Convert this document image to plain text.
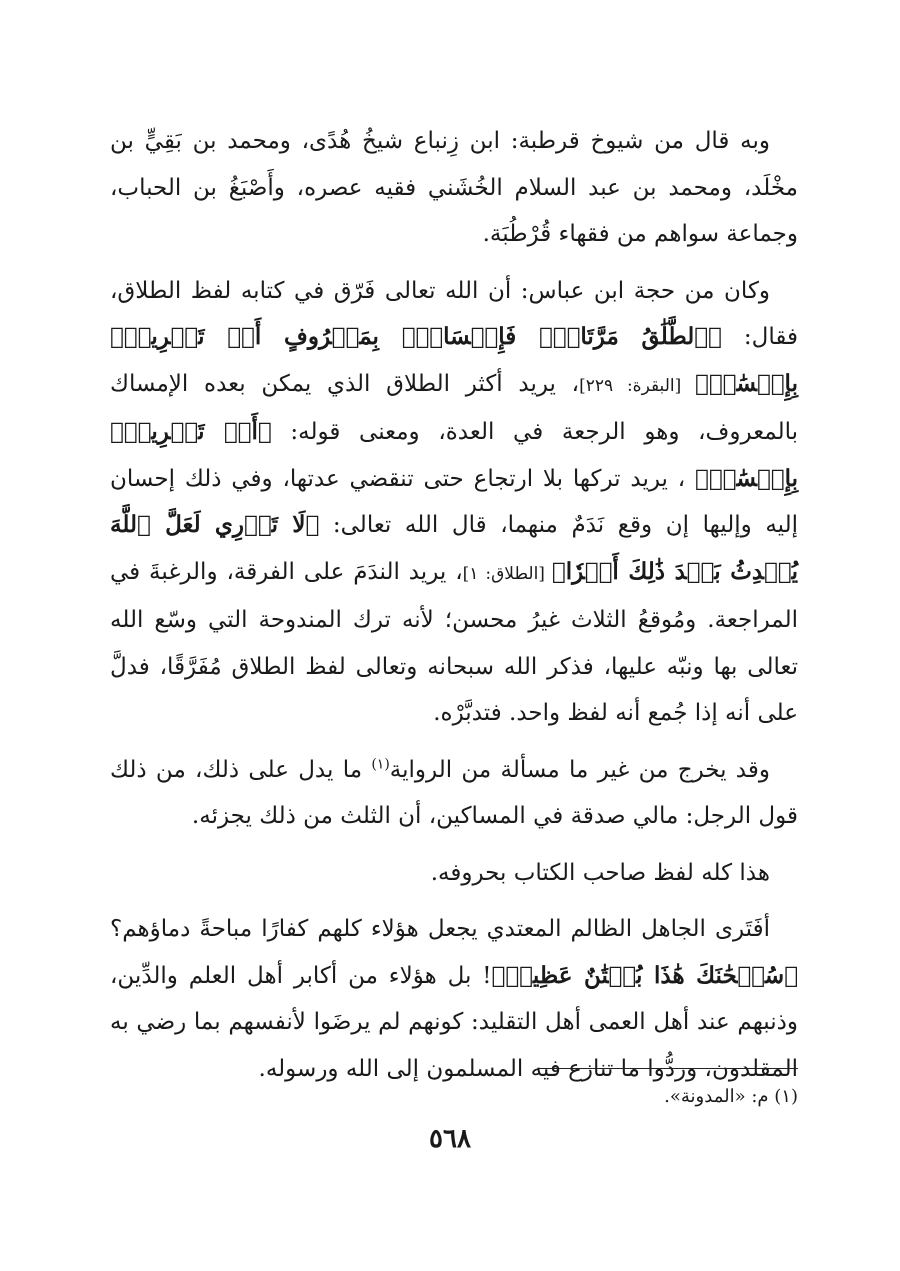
وبه قال من شيوخ قرطبة: ابن زِنباع شيخُ هُدًى، ومحمد بن بَقِيٍّ بن مخْلَد، ومحمد بن عبد السلام الخُشَني فقيه عصره، وأَصْبَغُ بن الحباب، وجماعة سواهم من فقهاء قُرْطُبَة.

وكان من حجة ابن عباس: أن الله تعالى فَرّق في كتابه لفظ الطلاق، فقال: ﴿ٱلطَّلَٰقُ مَرَّتَانِۖ فَإِمۡسَاكُۢ بِمَعۡرُوفٍ أَوۡ تَسۡرِيحُۢ بِإِحۡسَٰنٖ﴾ [البقرة: ٢٢٩]، يريد أكثر الطلاق الذي يمكن بعده الإمساك بالمعروف، وهو الرجعة في العدة، ومعنى قوله: ﴿أَوۡ تَسۡرِيحُۢ بِإِحۡسَٰنٖ﴾ ، يريد تركها بلا ارتجاع حتى تنقضي عدتها، وفي ذلك إحسان إليه وإليها إن وقع نَدَمٌ منهما، قال الله تعالى: ﴿لَا تَدۡرِي لَعَلَّ ٱللَّهَ يُحۡدِثُ بَعۡدَ ذَٰلِكَ أَمۡرٗا﴾ [الطلاق: ١]، يريد الندَمَ على الفرقة، والرغبةَ في المراجعة. ومُوقعُ الثلاث غيرُ محسن؛ لأنه ترك المندوحة التي وسّع الله تعالى بها ونبّه عليها، فذكر الله سبحانه وتعالى لفظ الطلاق مُفَرَّقًا، فدلَّ على أنه إذا جُمع أنه لفظ واحد. فتدبَّرْه.

وقد يخرج من غير ما مسألة من الرواية$^{(١)}$ ما يدل على ذلك، من ذلك قول الرجل: مالي صدقة في المساكين، أن الثلث من ذلك يجزئه.

هذا كله لفظ صاحب الكتاب بحروفه.

أفَتَرى الجاهل الظالم المعتدي يجعل هؤلاء كلهم كفارًا مباحةً دماؤهم؟ ﴿سُبۡحَٰنَكَ هَٰذَا بُهۡتَٰنٌ عَظِيمٞ﴾! بل هؤلاء من أكابر أهل العلم والدِّين، وذنبهم عند أهل العمى أهل التقليد: كونهم لم يرضَوا لأنفسهم بما رضي به المقلدون، وردُّوا ما تنازع فيه المسلمون إلى الله ورسوله.

(١) م: «المدونة».
٥٦٨
